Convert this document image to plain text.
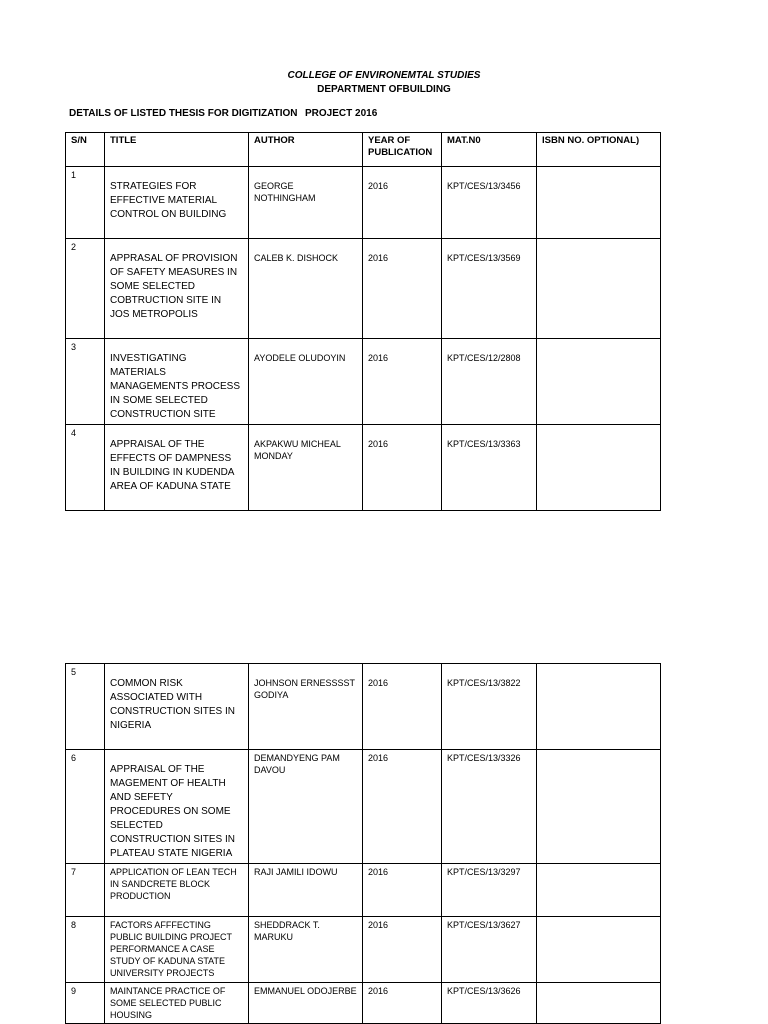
COLLEGE OF ENVIRONEMTAL STUDIES
DEPARTMENT OFBUILDING
DETAILS OF LISTED THESIS FOR DIGITIZATION PROJECT 2016
S/N	TITLE	AUTHOR	YEAR OF PUBLICATION	MAT.N0	ISBN NO. OPTIONAL)
1	STRATEGIES FOR EFFECTIVE MATERIAL CONTROL ON BUILDING	GEORGE NOTHINGHAM	2016	KPT/CES/13/3456	
2	APPRASAL OF PROVISION OF SAFETY MEASURES IN SOME SELECTED COBTRUCTION SITE IN JOS METROPOLIS	CALEB K. DISHOCK	2016	KPT/CES/13/3569	
3	INVESTIGATING MATERIALS MANAGEMENTS PROCESS IN SOME SELECTED CONSTRUCTION SITE	AYODELE OLUDOYIN	2016	KPT/CES/12/2808	
4	APPRAISAL OF THE EFFECTS OF DAMPNESS IN BUILDING IN KUDENDA AREA OF KADUNA STATE	AKPAKWU MICHEAL MONDAY	2016	KPT/CES/13/3363	
5	COMMON RISK ASSOCIATED WITH CONSTRUCTION SITES IN NIGERIA	JOHNSON ERNESSSST GODIYA	2016	KPT/CES/13/3822	
6	APPRAISAL OF THE MAGEMENT OF HEALTH AND SEFETY PROCEDURES ON SOME SELECTED CONSTRUCTION SITES IN PLATEAU STATE NIGERIA	DEMANDYENG PAM DAVOU	2016	KPT/CES/13/3326	
7	APPLICATION OF LEAN TECH IN SANDCRETE BLOCK PRODUCTION	RAJI JAMILI IDOWU	2016	KPT/CES/13/3297	
8	FACTORS AFFFECTING PUBLIC BUILDING PROJECT PERFORMANCE A CASE STUDY OF KADUNA STATE UNIVERSITY PROJECTS	SHEDDRACK T. MARUKU	2016	KPT/CES/13/3627	
9	MAINTANCE PRACTICE OF SOME SELECTED PUBLIC HOUSING	EMMANUEL ODOJERBE	2016	KPT/CES/13/3626	
